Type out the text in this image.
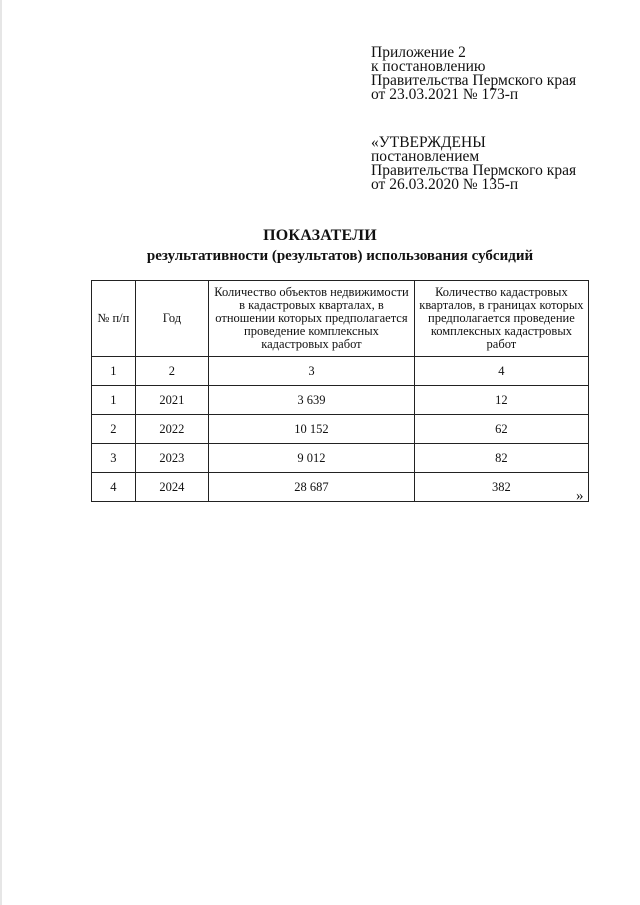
Приложение 2
к постановлению
Правительства Пермского края
от 23.03.2021 № 173-п
«УТВЕРЖДЕНЫ
постановлением
Правительства Пермского края
от 26.03.2020 № 135-п
ПОКАЗАТЕЛИ
результативности (результатов) использования субсидий
№ п/п	Год	Количество объектов недвижимости в кадастровых кварталах, в отношении которых предполагается проведение комплексных кадастровых работ	Количество кадастровых кварталов, в границах которых предполагается проведение комплексных кадастровых работ
1	2	3	4
1	2021	3 639	12
2	2022	10 152	62
3	2023	9 012	82
4	2024	28 687	382
»
